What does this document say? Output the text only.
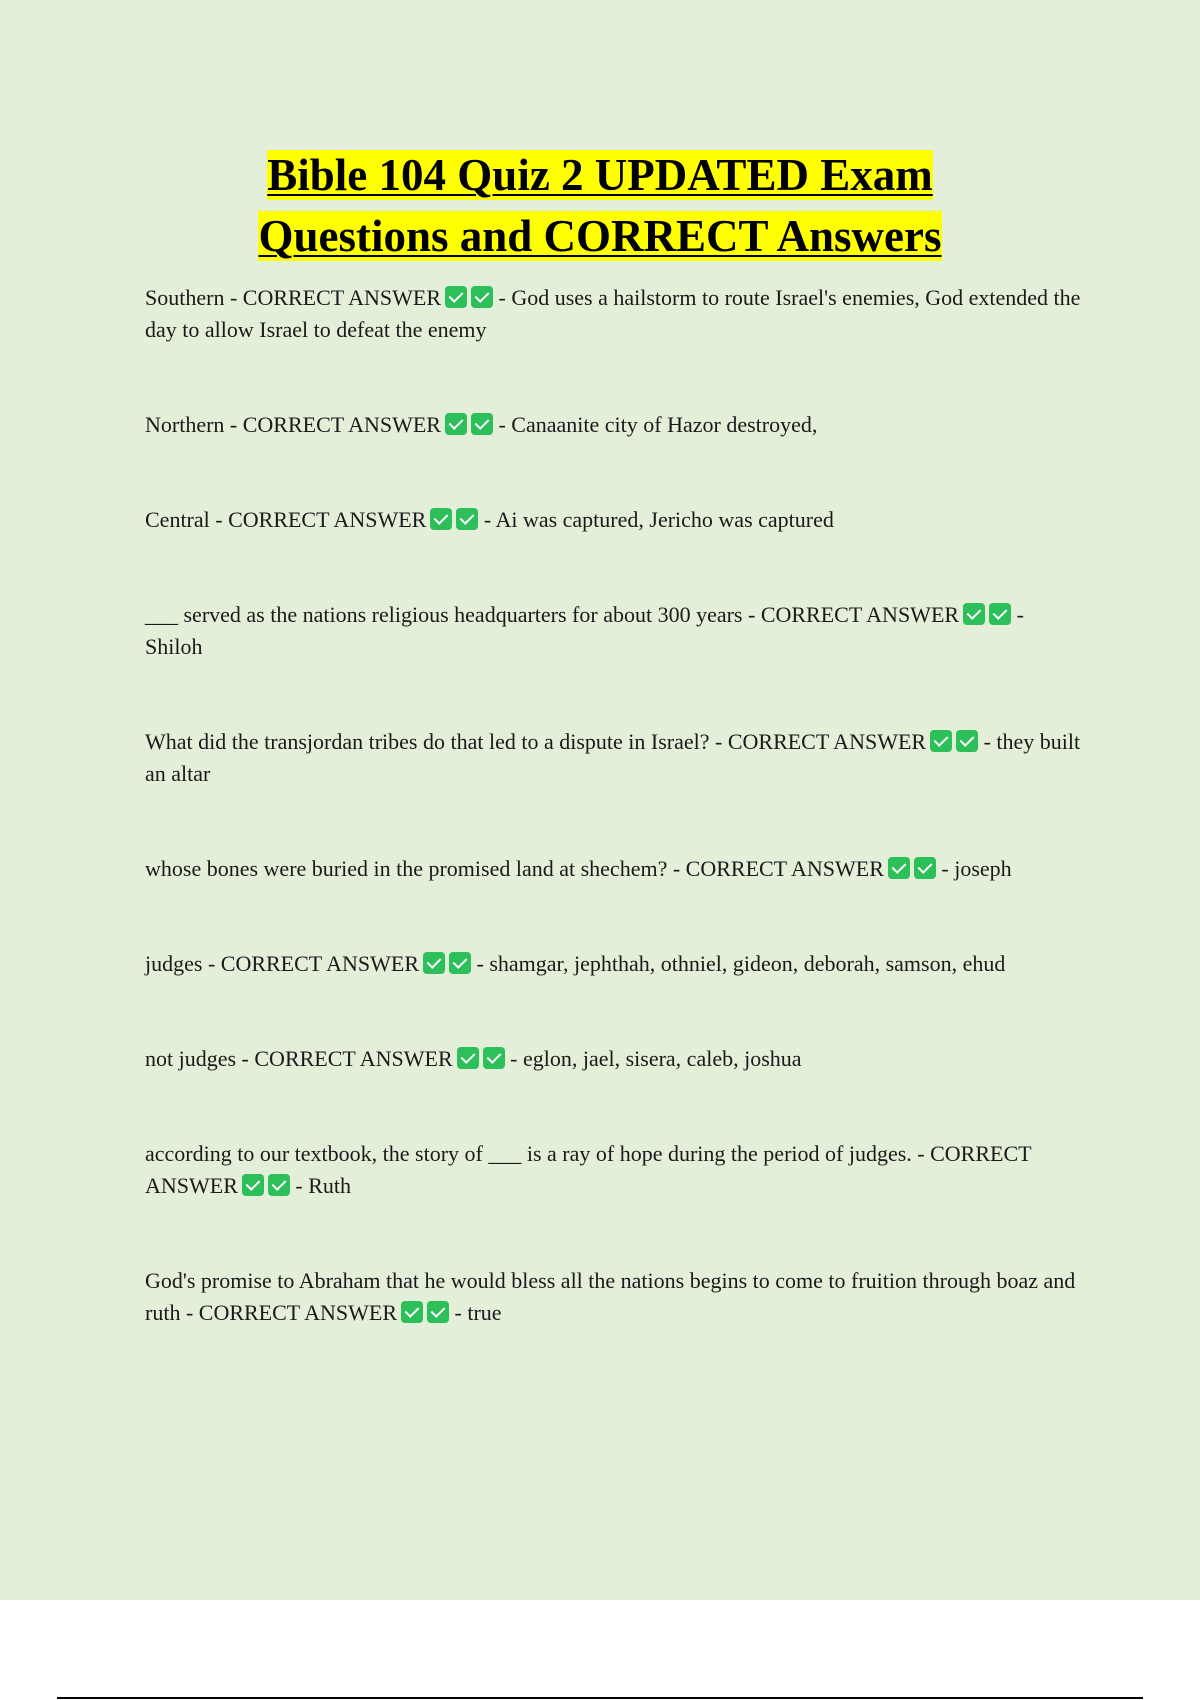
Bible 104 Quiz 2 UPDATED Exam
Questions and CORRECT Answers

Southern - CORRECT ANSWER	- God uses a hailstorm to route Israel's enemies, God extended the day to allow Israel to defeat the enemy

Northern - CORRECT ANSWER	- Canaanite city of Hazor destroyed,

Central - CORRECT ANSWER	- Ai was captured, Jericho was captured

___ served as the nations religious headquarters for about 300 years - CORRECT ANSWER	- Shiloh

What did the transjordan tribes do that led to a dispute in Israel? - CORRECT ANSWER	- they built an altar

whose bones were buried in the promised land at shechem? - CORRECT ANSWER	- joseph

judges - CORRECT ANSWER	- shamgar, jephthah, othniel, gideon, deborah, samson, ehud

not judges - CORRECT ANSWER	- eglon, jael, sisera, caleb, joshua

according to our textbook, the story of ___ is a ray of hope during the period of judges. - CORRECT ANSWER	- Ruth

God's promise to Abraham that he would bless all the nations begins to come to fruition through boaz and ruth - CORRECT ANSWER	- true
